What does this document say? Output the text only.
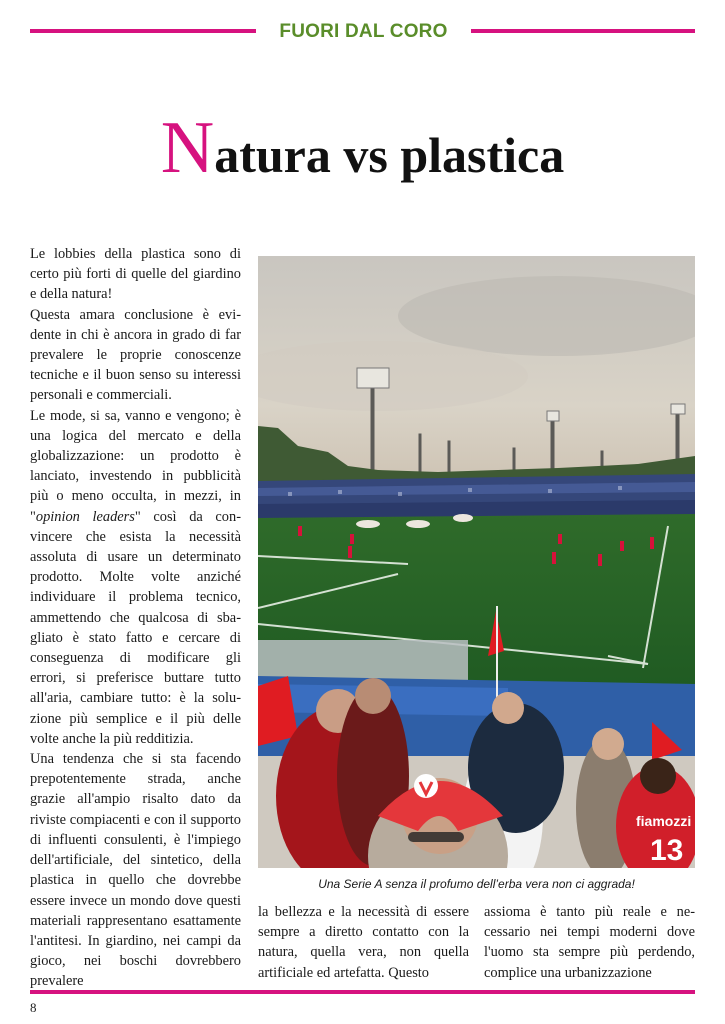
FUORI DAL CORO
Natura vs plastica

Le lobbies della plastica sono di certo più forti di quelle del giardino e della natura!

Questa amara conclusione è evidente in chi è ancora in grado di far prevalere le proprie conoscenze tecniche e il buon senso su interessi personali e commerciali.

Le mode, si sa, vanno e vengono; è una logica del mercato e della globalizzazione: un prodotto è lanciato, investendo in pubblicità più o meno occulta, in mezzi, in "opinion leaders" così da convincere che esista la necessità assoluta di usare un determinato prodotto. Molte volte anziché individuare il problema tecnico, ammettendo che qualcosa di sbagliato è stato fatto e cercare di conseguenza di modificare gli errori, si preferisce buttare tutto all'aria, cambiare tutto: è la soluzione più semplice e il più delle volte anche la più redditizia.

Una tendenza che si sta facendo prepotentemente strada, anche grazie all'ampio risalto dato da riviste compiacenti e con il supporto di influenti consulenti, è l'impiego dell'artificiale, del sintetico, della plastica in quello che dovrebbe essere invece un mondo dove questi materiali rappresentano esattamente l'antitesi. In giardino, nei campi da gioco, nei boschi dovrebbero prevalere

fiamozzi
13
Una Serie A senza il profumo dell’erba vera non ci aggrada!

la bellezza e la necessità di essere sempre a diretto contatto con la natura, quella vera, non quella artificiale ed artefatta. Questo

assioma è tanto più reale e necessario nei tempi moderni dove l'uomo sta sempre più perdendo, complice una urbanizzazione

8
